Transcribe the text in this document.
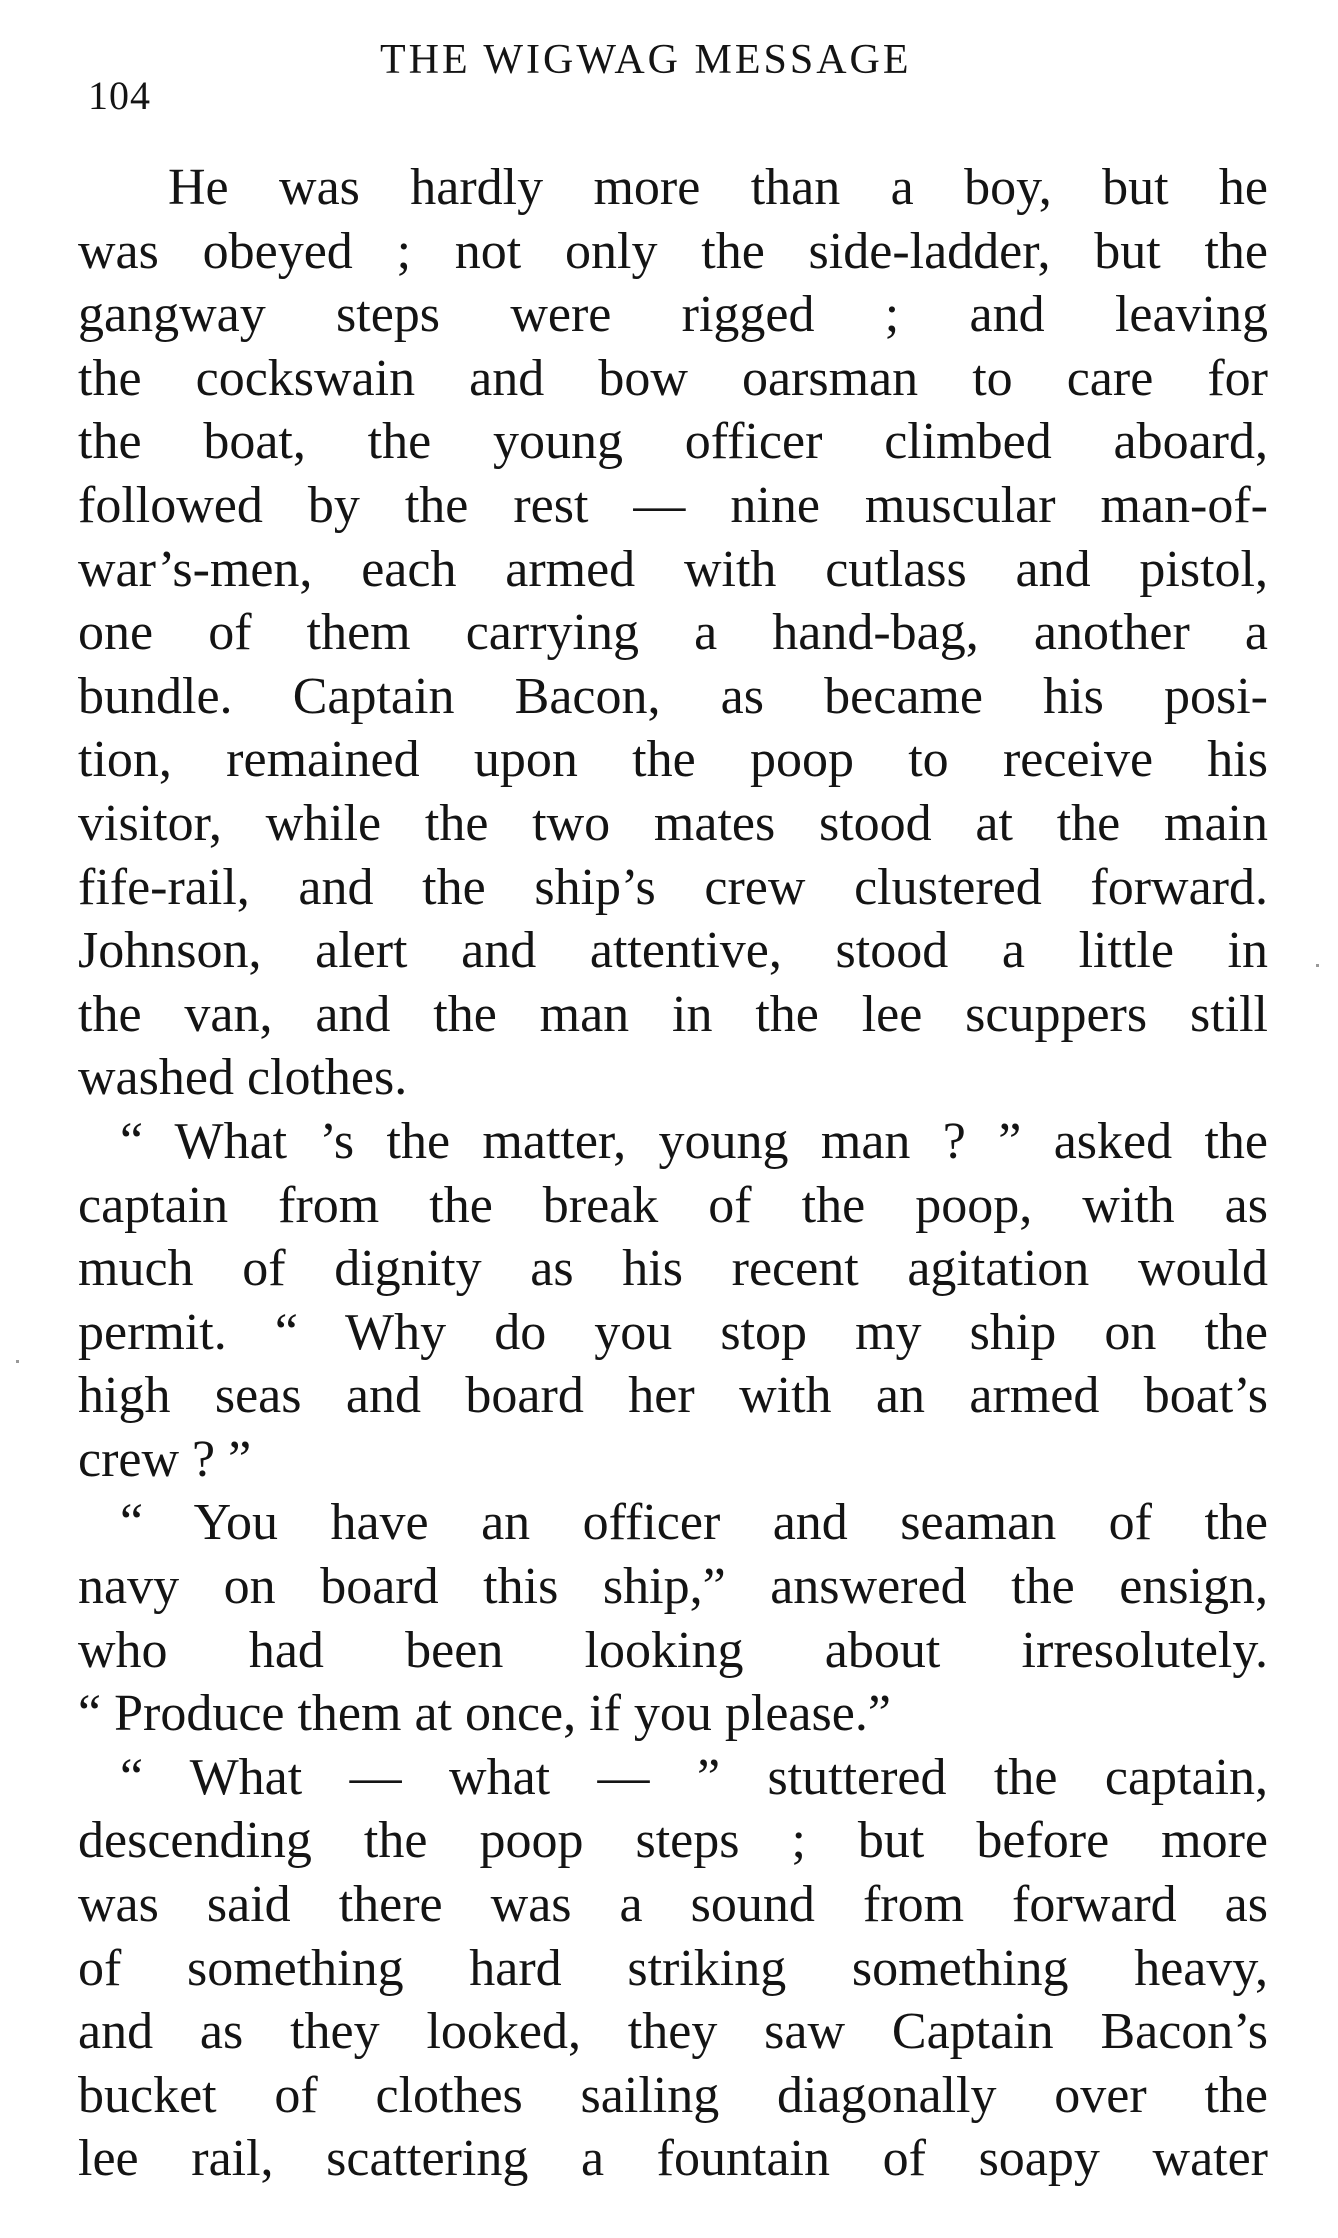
104
THE WIGWAG MESSAGE
He was hardly more than a boy, but he
was obeyed ; not only the side-ladder, but the
gangway steps were rigged ; and leaving
the cockswain and bow oarsman to care for
the boat, the young officer climbed aboard,
followed by the rest — nine muscular man-of-
war’s-men, each armed with cutlass and pistol,
one of them carrying a hand-bag, another a
bundle. Captain Bacon, as became his posi-
tion, remained upon the poop to receive his
visitor, while the two mates stood at the main
fife-rail, and the ship’s crew clustered forward.
Johnson, alert and attentive, stood a little in
the van, and the man in the lee scuppers still
washed clothes.
“ What ’s the matter, young man ? ” asked the
captain from the break of the poop, with as
much of dignity as his recent agitation would
permit. “ Why do you stop my ship on the
high seas and board her with an armed boat’s
crew ? ”
“ You have an officer and seaman of the
navy on board this ship,” answered the ensign,
who had been looking about irresolutely.
“ Produce them at once, if you please.”
“ What — what — ” stuttered the captain,
descending the poop steps ; but before more
was said there was a sound from forward as
of something hard striking something heavy,
and as they looked, they saw Captain Bacon’s
bucket of clothes sailing diagonally over the
lee rail, scattering a fountain of soapy water
